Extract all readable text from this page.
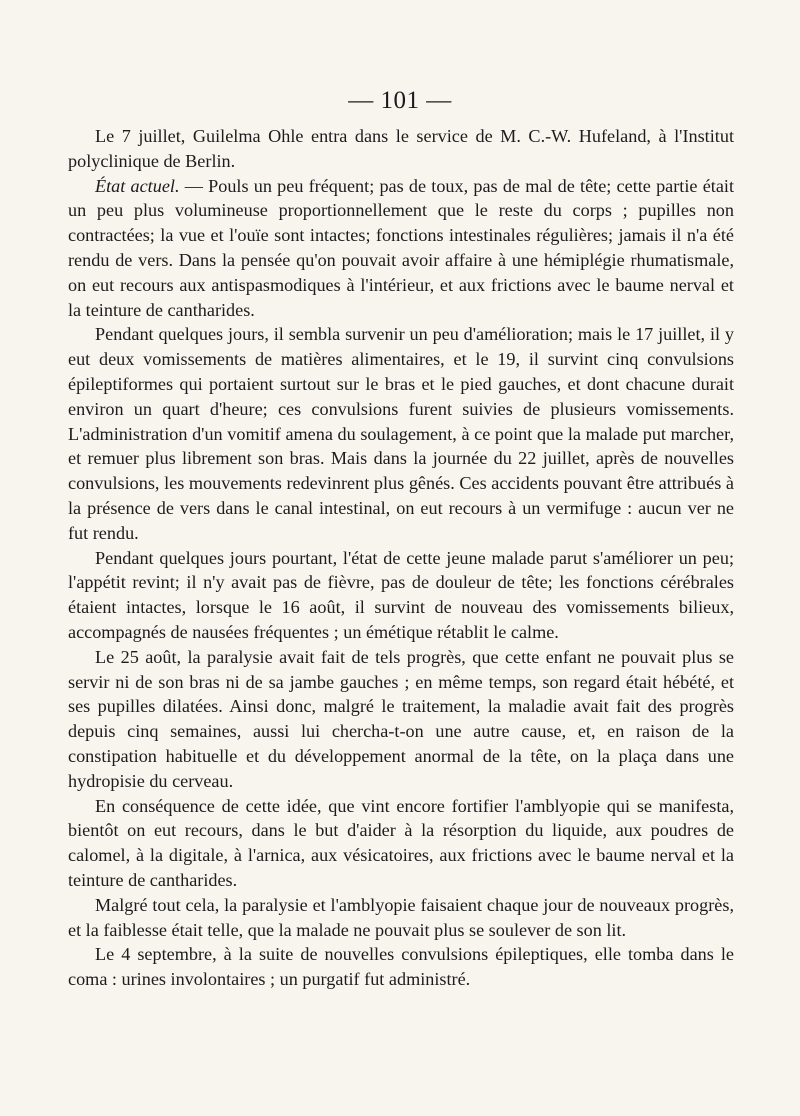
— 101 —

Le 7 juillet, Guilelma Ohle entra dans le service de M. C.-W. Hufeland, à l'Institut polyclinique de Berlin.

État actuel. — Pouls un peu fréquent; pas de toux, pas de mal de tête; cette partie était un peu plus volumineuse proportionnellement que le reste du corps ; pupilles non contractées; la vue et l'ouïe sont intactes; fonctions intestinales régulières; jamais il n'a été rendu de vers. Dans la pensée qu'on pouvait avoir affaire à une hémiplégie rhumatismale, on eut recours aux antispasmodiques à l'intérieur, et aux frictions avec le baume nerval et la teinture de cantharides.

Pendant quelques jours, il sembla survenir un peu d'amélioration; mais le 17 juillet, il y eut deux vomissements de matières alimentaires, et le 19, il survint cinq convulsions épileptiformes qui portaient surtout sur le bras et le pied gauches, et dont chacune durait environ un quart d'heure; ces convulsions furent suivies de plusieurs vomissements. L'administration d'un vomitif amena du soulagement, à ce point que la malade put marcher, et remuer plus librement son bras. Mais dans la journée du 22 juillet, après de nouvelles convulsions, les mouvements redevinrent plus gênés. Ces accidents pouvant être attribués à la présence de vers dans le canal intestinal, on eut recours à un vermifuge : aucun ver ne fut rendu.

Pendant quelques jours pourtant, l'état de cette jeune malade parut s'améliorer un peu; l'appétit revint; il n'y avait pas de fièvre, pas de douleur de tête; les fonctions cérébrales étaient intactes, lorsque le 16 août, il survint de nouveau des vomissements bilieux, accompagnés de nausées fréquentes ; un émétique rétablit le calme.

Le 25 août, la paralysie avait fait de tels progrès, que cette enfant ne pouvait plus se servir ni de son bras ni de sa jambe gauches ; en même temps, son regard était hébété, et ses pupilles dilatées. Ainsi donc, malgré le traitement, la maladie avait fait des progrès depuis cinq semaines, aussi lui chercha-t-on une autre cause, et, en raison de la constipation habituelle et du développement anormal de la tête, on la plaça dans une hydropisie du cerveau.

En conséquence de cette idée, que vint encore fortifier l'amblyopie qui se manifesta, bientôt on eut recours, dans le but d'aider à la résorption du liquide, aux poudres de calomel, à la digitale, à l'arnica, aux vésicatoires, aux frictions avec le baume nerval et la teinture de cantharides.

Malgré tout cela, la paralysie et l'amblyopie faisaient chaque jour de nouveaux progrès, et la faiblesse était telle, que la malade ne pouvait plus se soulever de son lit.

Le 4 septembre, à la suite de nouvelles convulsions épileptiques, elle tomba dans le coma : urines involontaires ; un purgatif fut administré.
